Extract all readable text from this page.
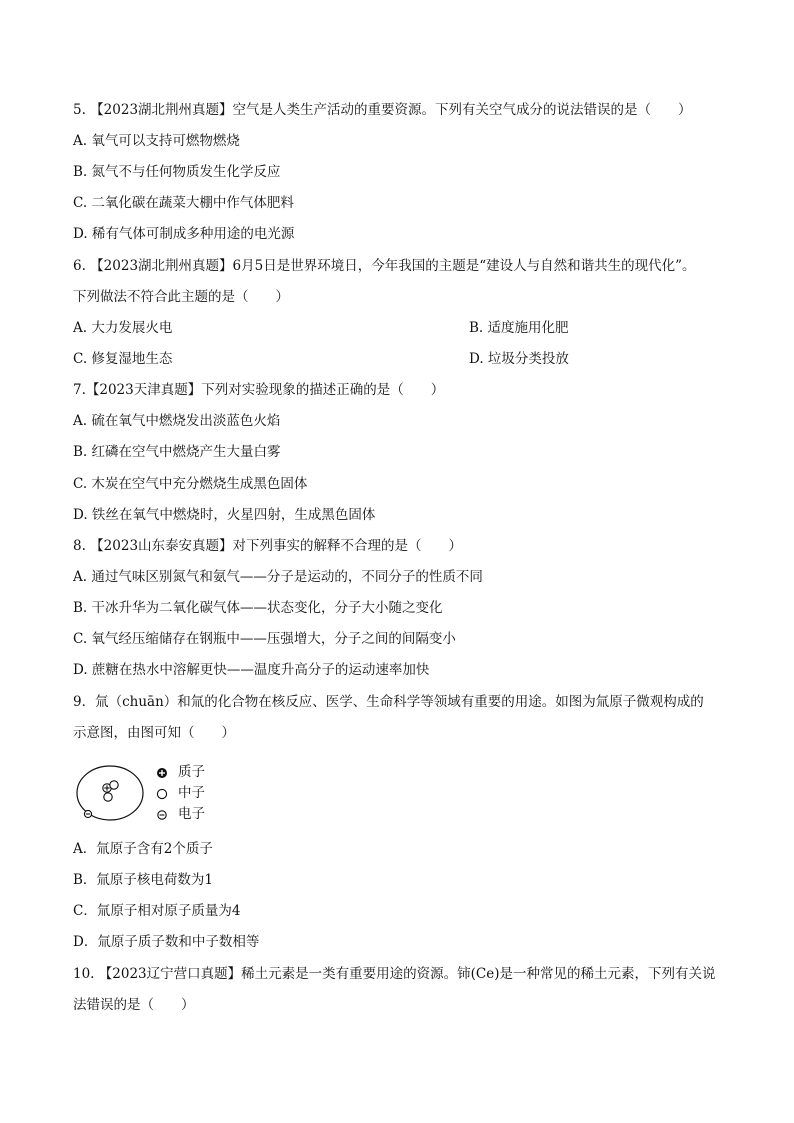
5. 【2023湖北荆州真题】空气是人类生产活动的重要资源。下列有关空气成分的说法错误的是（　　）
A. 氧气可以支持可燃物燃烧
B. 氮气不与任何物质发生化学反应
C. 二氧化碳在蔬菜大棚中作气体肥料
D. 稀有气体可制成多种用途的电光源
6. 【2023湖北荆州真题】6月5日是世界环境日，今年我国的主题是“建设人与自然和谐共生的现代化”。
下列做法不符合此主题的是（　　）
A. 大力发展火电	B. 适度施用化肥
C. 修复湿地生态	D. 垃圾分类投放
7.【2023天津真题】下列对实验现象的描述正确的是（　　）
A. 硫在氧气中燃烧发出淡蓝色火焰
B. 红磷在空气中燃烧产生大量白雾
C. 木炭在空气中充分燃烧生成黑色固体
D. 铁丝在氧气中燃烧时，火星四射，生成黑色固体
8. 【2023山东泰安真题】对下列事实的解释不合理的是（　　）
A. 通过气味区别氮气和氨气——分子是运动的，不同分子的性质不同
B. 干冰升华为二氧化碳气体——状态变化，分子大小随之变化
C. 氧气经压缩储存在钢瓶中——压强增大，分子之间的间隔变小
D. 蔗糖在热水中溶解更快——温度升高分子的运动速率加快
9．氚（chuān）和氚的化合物在核反应、医学、生命科学等领域有重要的用途。如图为氚原子微观构成的
示意图，由图可知（　　）
质子
中子
电子
A．氚原子含有2个质子
B．氚原子核电荷数为1
C．氚原子相对原子质量为4
D．氚原子质子数和中子数相等
10. 【2023辽宁营口真题】稀土元素是一类有重要用途的资源。铈(Ce)是一种常见的稀土元素，下列有关说
法错误的是（　　）
